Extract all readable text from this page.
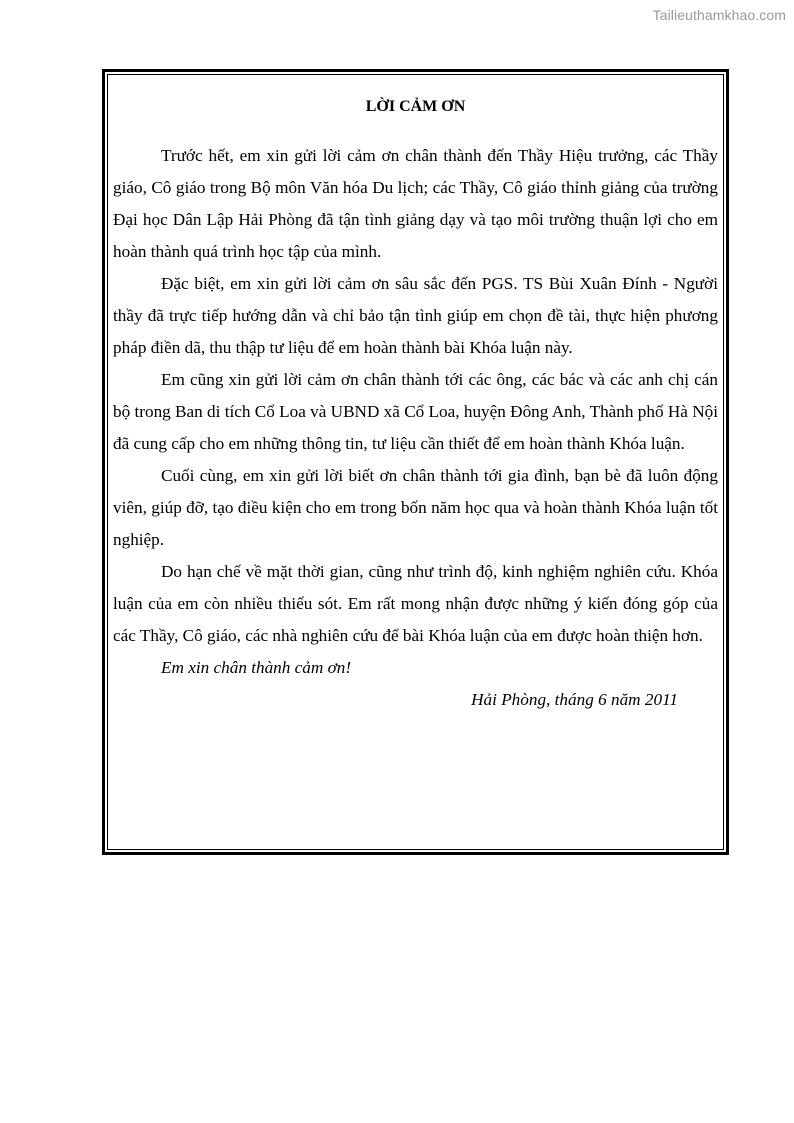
Tailieuthamkhao.com

LỜI CẢM ƠN

Trước hết, em xin gửi lời cảm ơn chân thành đến Thầy Hiệu trưởng, các Thầy giáo, Cô giáo trong Bộ môn Văn hóa Du lịch; các Thầy, Cô giáo thỉnh giảng của trường Đại học Dân Lập Hải Phòng đã tận tình giảng dạy và tạo môi trường thuận lợi cho em hoàn thành quá trình học tập của mình.

Đặc biệt, em xin gửi lời cảm ơn sâu sắc đến PGS. TS Bùi Xuân Đính - Người thầy đã trực tiếp hướng dẫn và chỉ bảo tận tình giúp em chọn đề tài, thực hiện phương pháp điền dã, thu thập tư liệu để em hoàn thành bài Khóa luận này.

Em cũng xin gửi lời cảm ơn chân thành tới các ông, các bác và các anh chị cán bộ trong Ban di tích Cổ Loa và UBND xã Cổ Loa, huyện Đông Anh, Thành phố Hà Nội đã cung cấp cho em những thông tin, tư liệu cần thiết để em hoàn thành Khóa luận.

Cuối cùng, em xin gửi lời biết ơn chân thành tới gia đình, bạn bè đã luôn động viên, giúp đỡ, tạo điều kiện cho em trong bốn năm học qua và hoàn thành Khóa luận tốt nghiệp.

Do hạn chế về mặt thời gian, cũng như trình độ, kinh nghiệm nghiên cứu. Khóa luận của em còn nhiều thiếu sót. Em rất mong nhận được những ý kiến đóng góp của các Thầy, Cô giáo, các nhà nghiên cứu để bài Khóa luận của em được hoàn thiện hơn.

Em xin chân thành cảm ơn!

Hải Phòng, tháng 6 năm 2011
